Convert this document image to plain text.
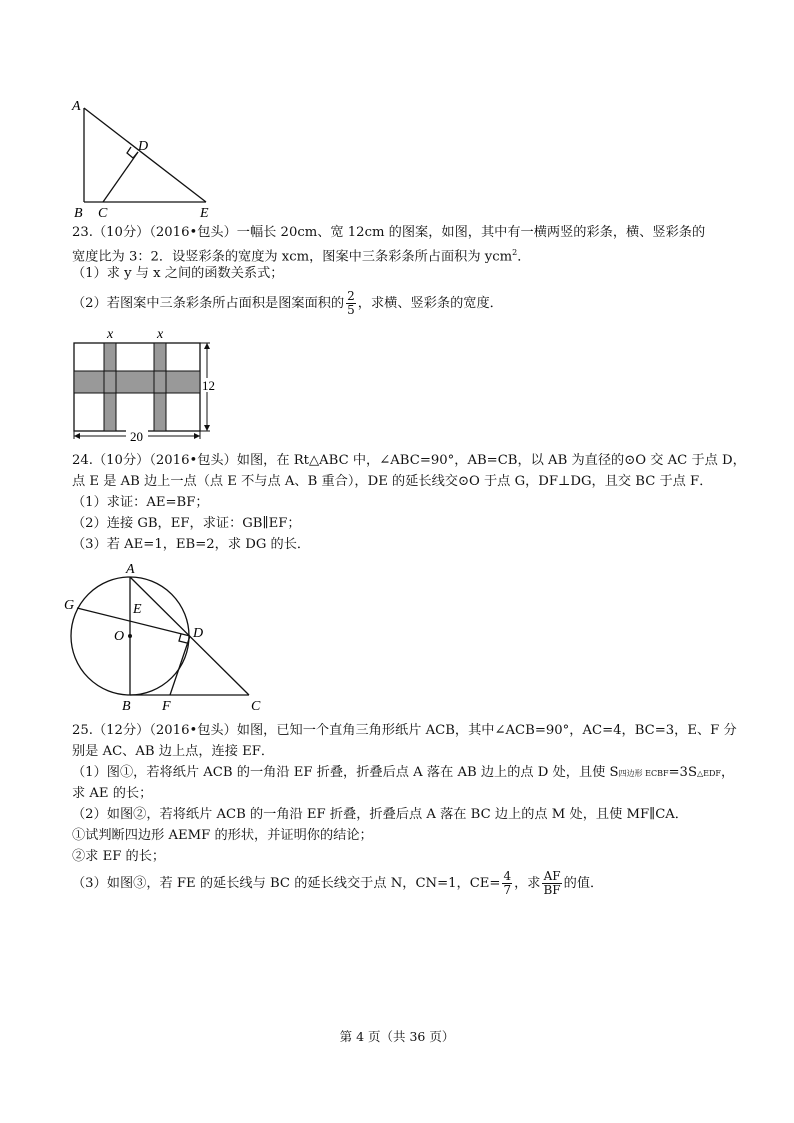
A
B C
D
E
23.（10分）（2016•包头）一幅长 20cm、宽 12cm 的图案，如图，其中有一横两竖的彩条，横、竖彩条的
宽度比为 3：2．设竖彩条的宽度为 xcm，图案中三条彩条所占面积为 ycm$^2$．
（1）求 y 与 x 之间的函数关系式；
（2）若图案中三条彩条所占面积是图案面积的 $\frac{2}{5}$ ，求横、竖彩条的宽度．
x	x
20
12
24.（10分）（2016•包头）如图，在 Rt△ABC 中，∠ABC=90°，AB=CB，以 AB 为直径的⊙O 交 AC 于点 D，
点 E 是 AB 边上一点（点 E 不与点 A、B 重合），DE 的延长线交⊙O 于点 G，DF⊥DG，且交 BC 于点 F．
（1）求证：AE=BF；
（2）连接 GB，EF，求证：GB∥EF；
（3）若 AE=1，EB=2，求 DG 的长．
A
G	E
O	D
B F	C
25.（12分）（2016•包头）如图，已知一个直角三角形纸片 ACB，其中∠ACB=90°，AC=4，BC=3，E、F 分
别是 AC、AB 边上点，连接 EF．
（1）图①，若将纸片 ACB 的一角沿 EF 折叠，折叠后点 A 落在 AB 边上的点 D 处，且使 S四边形 ECBF=3S△EDF，
求 AE 的长；
（2）如图②，若将纸片 ACB 的一角沿 EF 折叠，折叠后点 A 落在 BC 边上的点 M 处，且使 MF∥CA．
①试判断四边形 AEMF 的形状，并证明你的结论；
②求 EF 的长；
（3）如图③，若 FE 的延长线与 BC 的延长线交于点 N，CN=1，$CE= \frac{4}{7}$ ，求 $\frac{AF}{BF}$ 的值．
第 4 页（共 36 页）
